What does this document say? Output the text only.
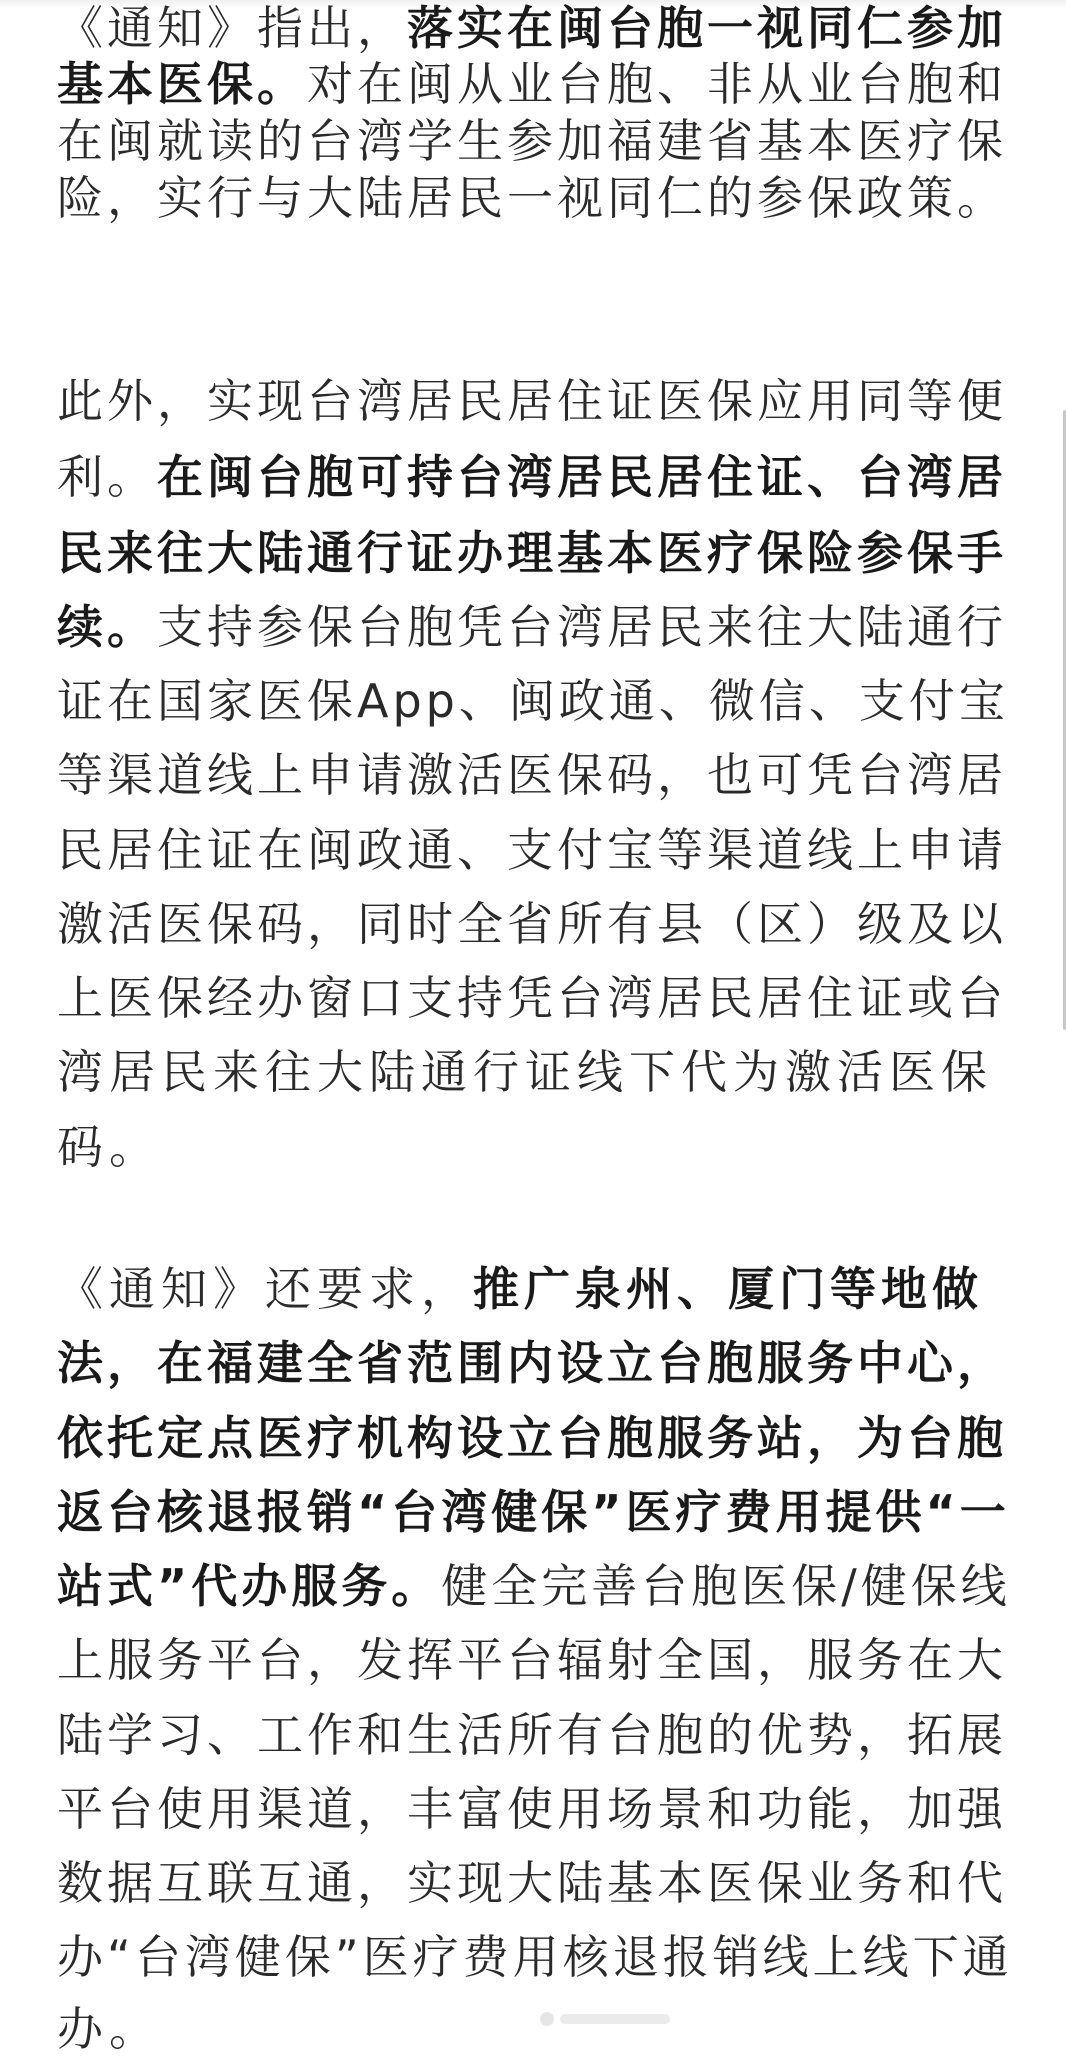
《通知》指出，落实在闽台胞一视同仁参加
基本医保。对在闽从业台胞、非从业台胞和
在闽就读的台湾学生参加福建省基本医疗保
险，实行与大陆居民一视同仁的参保政策。
此外，实现台湾居民居住证医保应用同等便
利。在闽台胞可持台湾居民居住证、台湾居
民来往大陆通行证办理基本医疗保险参保手
续。支持参保台胞凭台湾居民来往大陆通行
证在国家医保App、闽政通、微信、支付宝
等渠道线上申请激活医保码，也可凭台湾居
民居住证在闽政通、支付宝等渠道线上申请
激活医保码，同时全省所有县（区）级及以
上医保经办窗口支持凭台湾居民居住证或台
湾居民来往大陆通行证线下代为激活医保
码。
《通知》还要求，推广泉州、厦门等地做
法，在福建全省范围内设立台胞服务中心，
依托定点医疗机构设立台胞服务站，为台胞
返台核退报销“台湾健保”医疗费用提供“一
站式”代办服务。健全完善台胞医保/健保线
上服务平台，发挥平台辐射全国，服务在大
陆学习、工作和生活所有台胞的优势，拓展
平台使用渠道，丰富使用场景和功能，加强
数据互联互通，实现大陆基本医保业务和代
办“台湾健保”医疗费用核退报销线上线下通
办。
